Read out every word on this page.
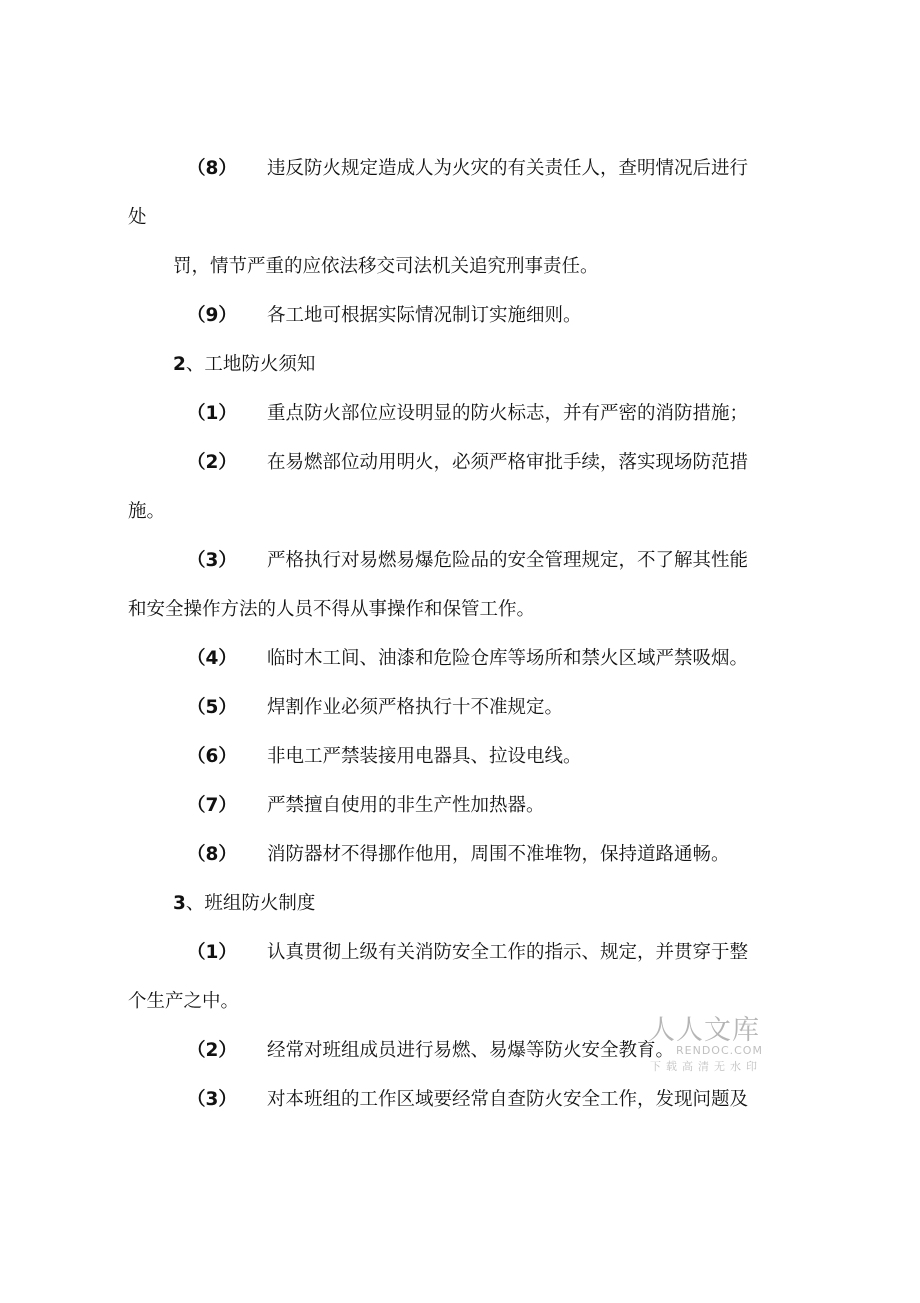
（8） 违反防火规定造成人为火灾的有关责任人，查明情况后进行
处
罚，情节严重的应依法移交司法机关追究刑事责任。
（9） 各工地可根据实际情况制订实施细则。
2、工地防火须知
（1） 重点防火部位应设明显的防火标志，并有严密的消防措施；
（2） 在易燃部位动用明火，必须严格审批手续，落实现场防范措
施。
（3） 严格执行对易燃易爆危险品的安全管理规定，不了解其性能
和安全操作方法的人员不得从事操作和保管工作。
（4） 临时木工间、油漆和危险仓库等场所和禁火区域严禁吸烟。
（5） 焊割作业必须严格执行十不准规定。
（6） 非电工严禁装接用电器具、拉设电线。
（7） 严禁擅自使用的非生产性加热器。
（8） 消防器材不得挪作他用，周围不准堆物，保持道路通畅。
3、班组防火制度
（1） 认真贯彻上级有关消防安全工作的指示、规定，并贯穿于整
个生产之中。
（2） 经常对班组成员进行易燃、易爆等防火安全教育。
（3） 对本班组的工作区域要经常自查防火安全工作，发现问题及
人人文库
RENDOC.COM
下载高清无水印
